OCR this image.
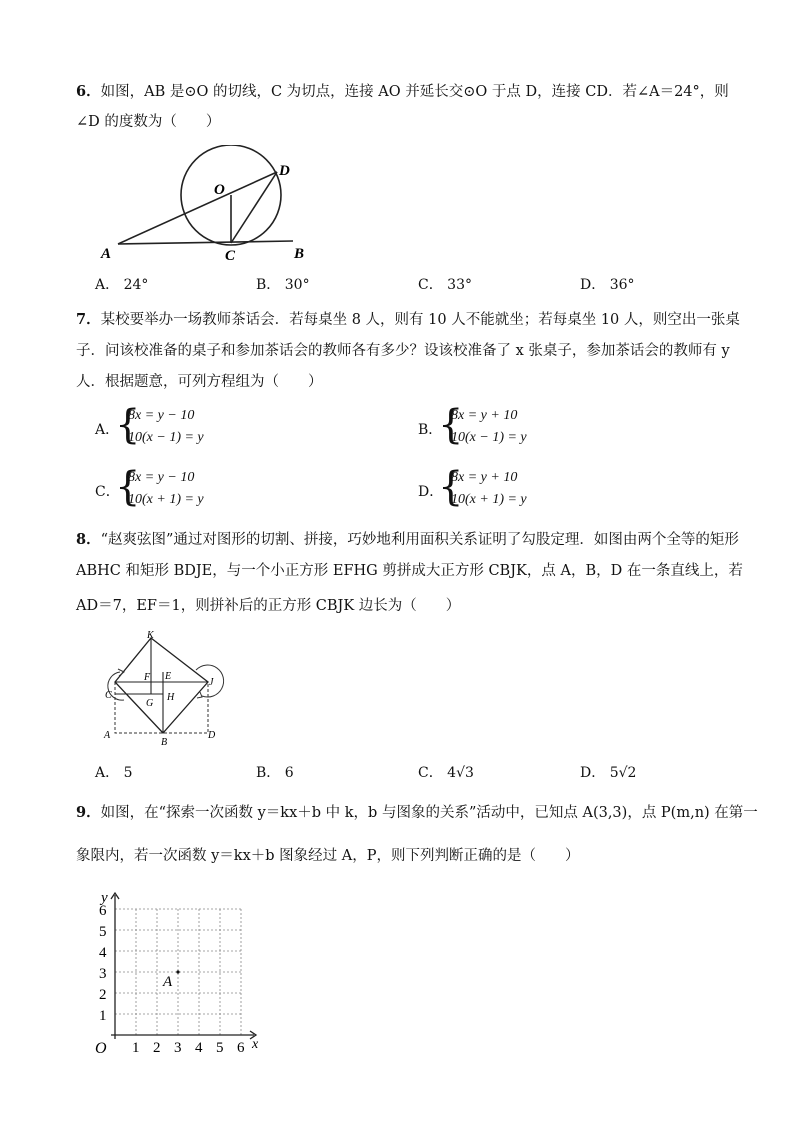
6．如图，AB 是⊙O 的切线，C 为切点，连接 AO 并延长交⊙O 于点 D，连接 CD．若∠A＝24°，则
∠D 的度数为（　　）
A	B
C
D
O
A． 24°	B． 30°	C． 33°	D． 36°
7．某校要举办一场教师茶话会．若每桌坐 8 人，则有 10 人不能就坐；若每桌坐 10 人，则空出一张桌
子．问该校准备的桌子和参加茶话会的教师各有多少？设该校准备了 x 张桌子，参加茶话会的教师有 y
人．根据题意，可列方程组为（　　）
A．
{
8x = y − 10
10(x − 1) = y	B．
{
8x = y + 10
10(x − 1) = y
C．
{
8x = y − 10
10(x + 1) = y	D．
{
8x = y + 10
10(x + 1) = y
8．“赵爽弦图”通过对图形的切割、拼接，巧妙地利用面积关系证明了勾股定理．如图由两个全等的矩形
ABHC 和矩形 BDJE，与一个小正方形 EFHG 剪拼成大正方形 CBJK，点 A，B，D 在一条直线上，若
AD＝7，EF＝1，则拼补后的正方形 CBJK 边长为（　　）
K
F E
C
J
G
H
A
B
D
A． 5	B． 6	C． 4√3	D． 5√2
9．如图，在“探索一次函数 y＝kx＋b 中 k，b 与图象的关系”活动中，已知点 A(3,3)，点 P(m,n) 在第一
象限内，若一次函数 y＝kx＋b 图象经过 A，P，则下列判断正确的是（　　）
y
x
O 1 2 3 4 5 6
1
2
3
4
5
6
A
